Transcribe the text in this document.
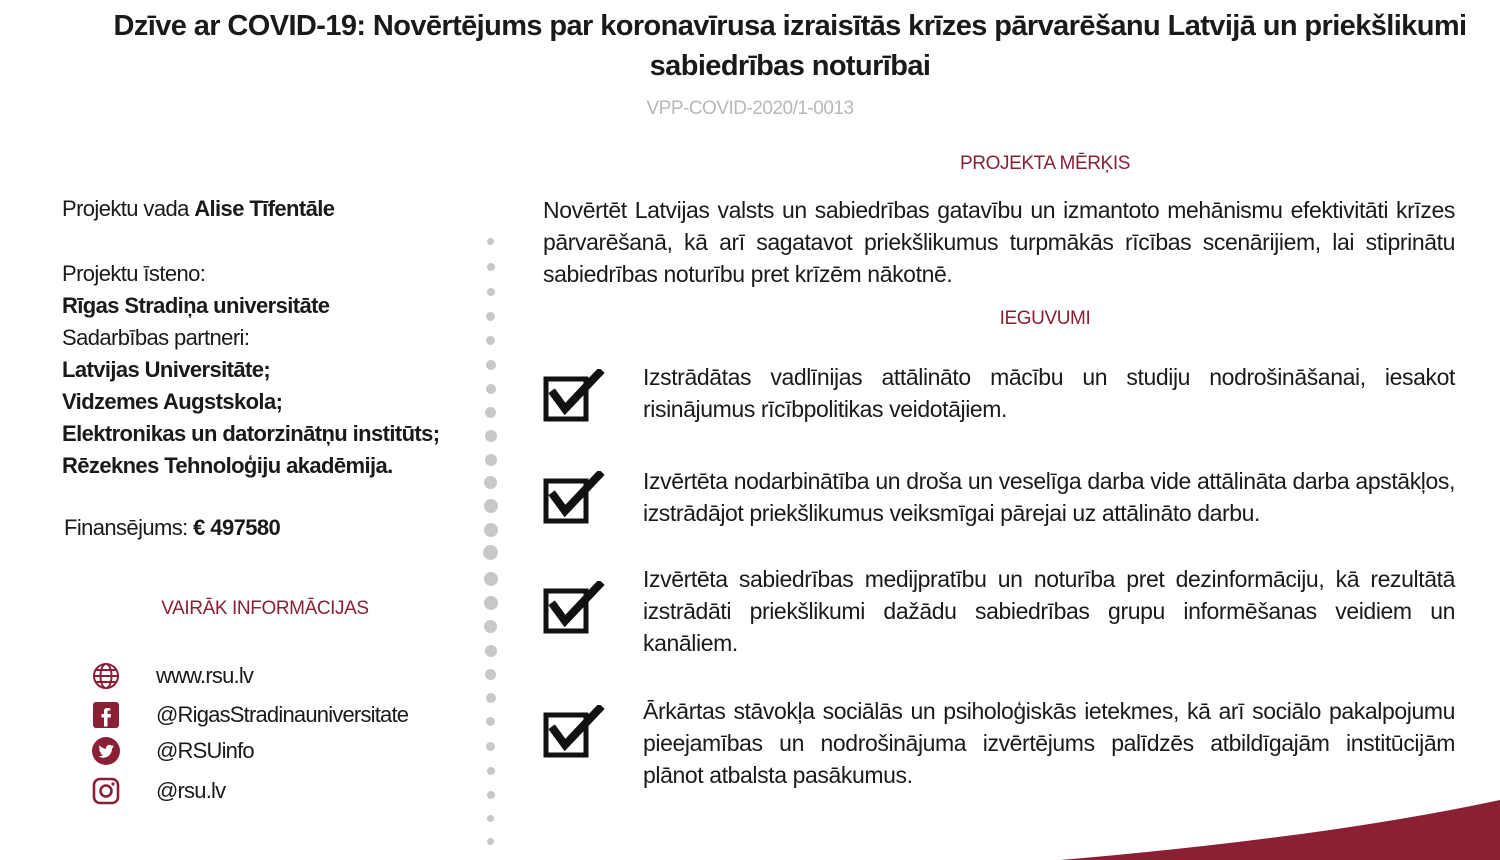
Dzīve ar COVID-19: Novērtējums par koronavīrusa izraisītās krīzes pārvarēšanu Latvijā un priekšlikumi sabiedrības noturībai
VPP-COVID-2020/1-0013
Projektu vada Alise Tīfentāle
Projektu īsteno:
Rīgas Stradiņa universitāte
Sadarbības partneri:
Latvijas Universitāte;
Vidzemes Augstskola;
Elektronikas un datorzinātņu institūts;
Rēzeknes Tehnoloģiju akadēmija.
Finansējums: € 497580
VAIRĀK INFORMĀCIJAS
www.rsu.lv
@RigasStradinauniversitate
@RSUinfo
@rsu.lv
PROJEKTA MĒRĶIS
Novērtēt Latvijas valsts un sabiedrības gatavību un izmantoto mehānismu efektivitāti krīzes pārvarēšanā, kā arī sagatavot priekšlikumus turpmākās rīcības scenārijiem, lai stiprinātu sabiedrības noturību pret krīzēm nākotnē.
IEGUVUMI
Izstrādātas vadlīnijas attālināto mācību un studiju nodrošināšanai, iesakot risinājumus rīcībpolitikas veidotājiem.
Izvērtēta nodarbinātība un droša un veselīga darba vide attālināta darba apstākļos, izstrādājot priekšlikumus veiksmīgai pārejai uz attālināto darbu.
Izvērtēta sabiedrības medijpratību un noturība pret dezinformāciju, kā rezultātā izstrādāti priekšlikumi dažādu sabiedrības grupu informēšanas veidiem un kanāliem.
Ārkārtas stāvokļa sociālās un psiholoģiskās ietekmes, kā arī sociālo pakalpojumu pieejamības un nodrošinājuma izvērtējums palīdzēs atbildīgajām institūcijām plānot atbalsta pasākumus.
